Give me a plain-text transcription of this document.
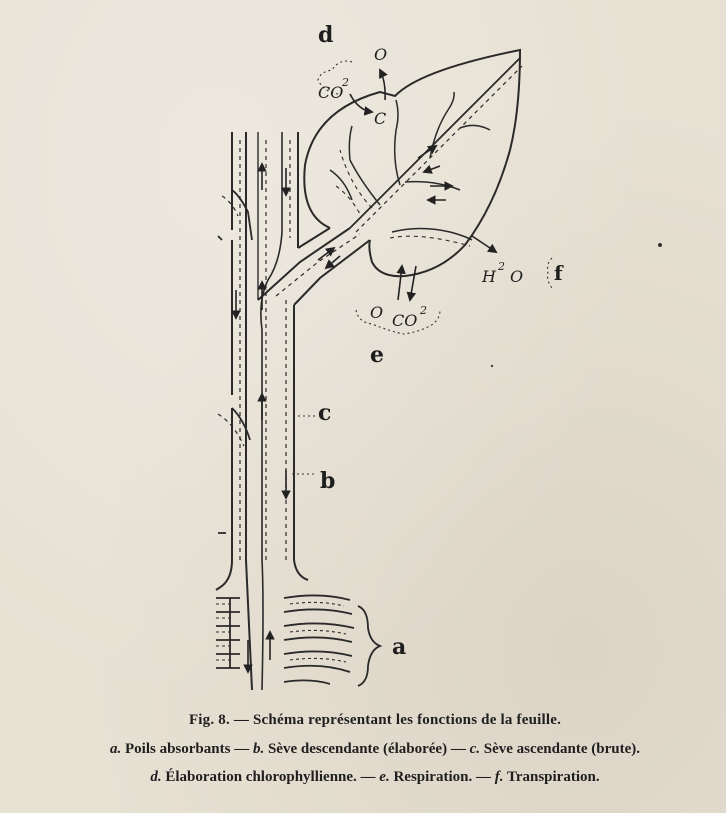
d
e
f
c
b
a
O
CO
2
C
O CO
2
H
2
O
Fig. 8. — Schéma représentant les fonctions de la feuille.
a. Poils absorbants — b. Sève descendante (élaborée) — c. Sève ascendante (brute).
d. Élaboration chlorophyllienne. — e. Respiration. — f. Transpiration.
